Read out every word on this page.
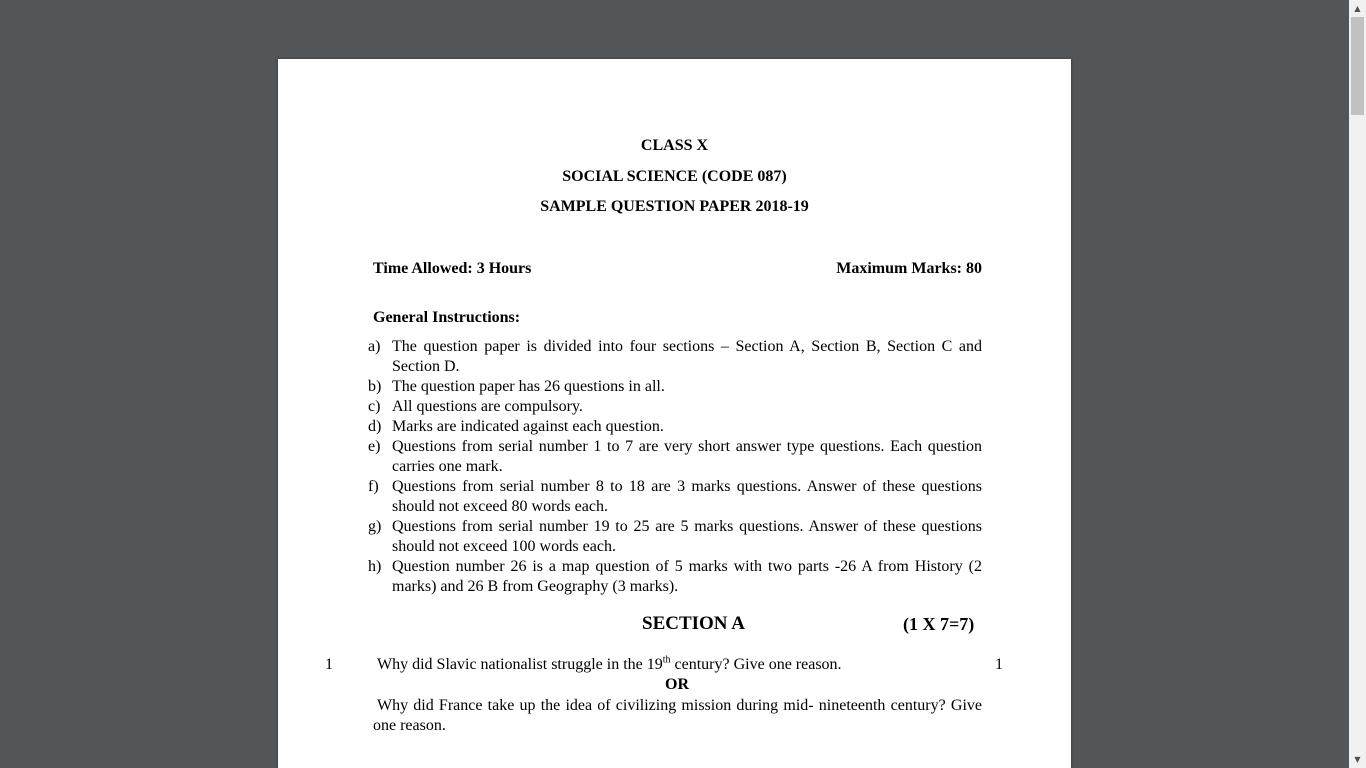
CLASS X
SOCIAL SCIENCE (CODE 087)
SAMPLE QUESTION PAPER 2018-19
Time Allowed: 3 Hours	Maximum Marks: 80
General Instructions:
a) The question paper is divided into four sections – Section A, Section B, Section C and Section D.
b) The question paper has 26 questions in all.
c) All questions are compulsory.
d) Marks are indicated against each question.
e) Questions from serial number 1 to 7 are very short answer type questions. Each question carries one mark.
f) Questions from serial number 8 to 18 are 3 marks questions. Answer of these questions should not exceed 80 words each.
g) Questions from serial number 19 to 25 are 5 marks questions. Answer of these questions should not exceed 100 words each.
h) Question number 26 is a map question of 5 marks with two parts -26 A from History (2 marks) and 26 B from Geography (3 marks).
SECTION A	(1 X 7=7)
1	Why did Slavic nationalist struggle in the 19th century? Give one reason.	1
OR
Why did France take up the idea of civilizing mission during mid- nineteenth century? Give one reason.
▲
▼
